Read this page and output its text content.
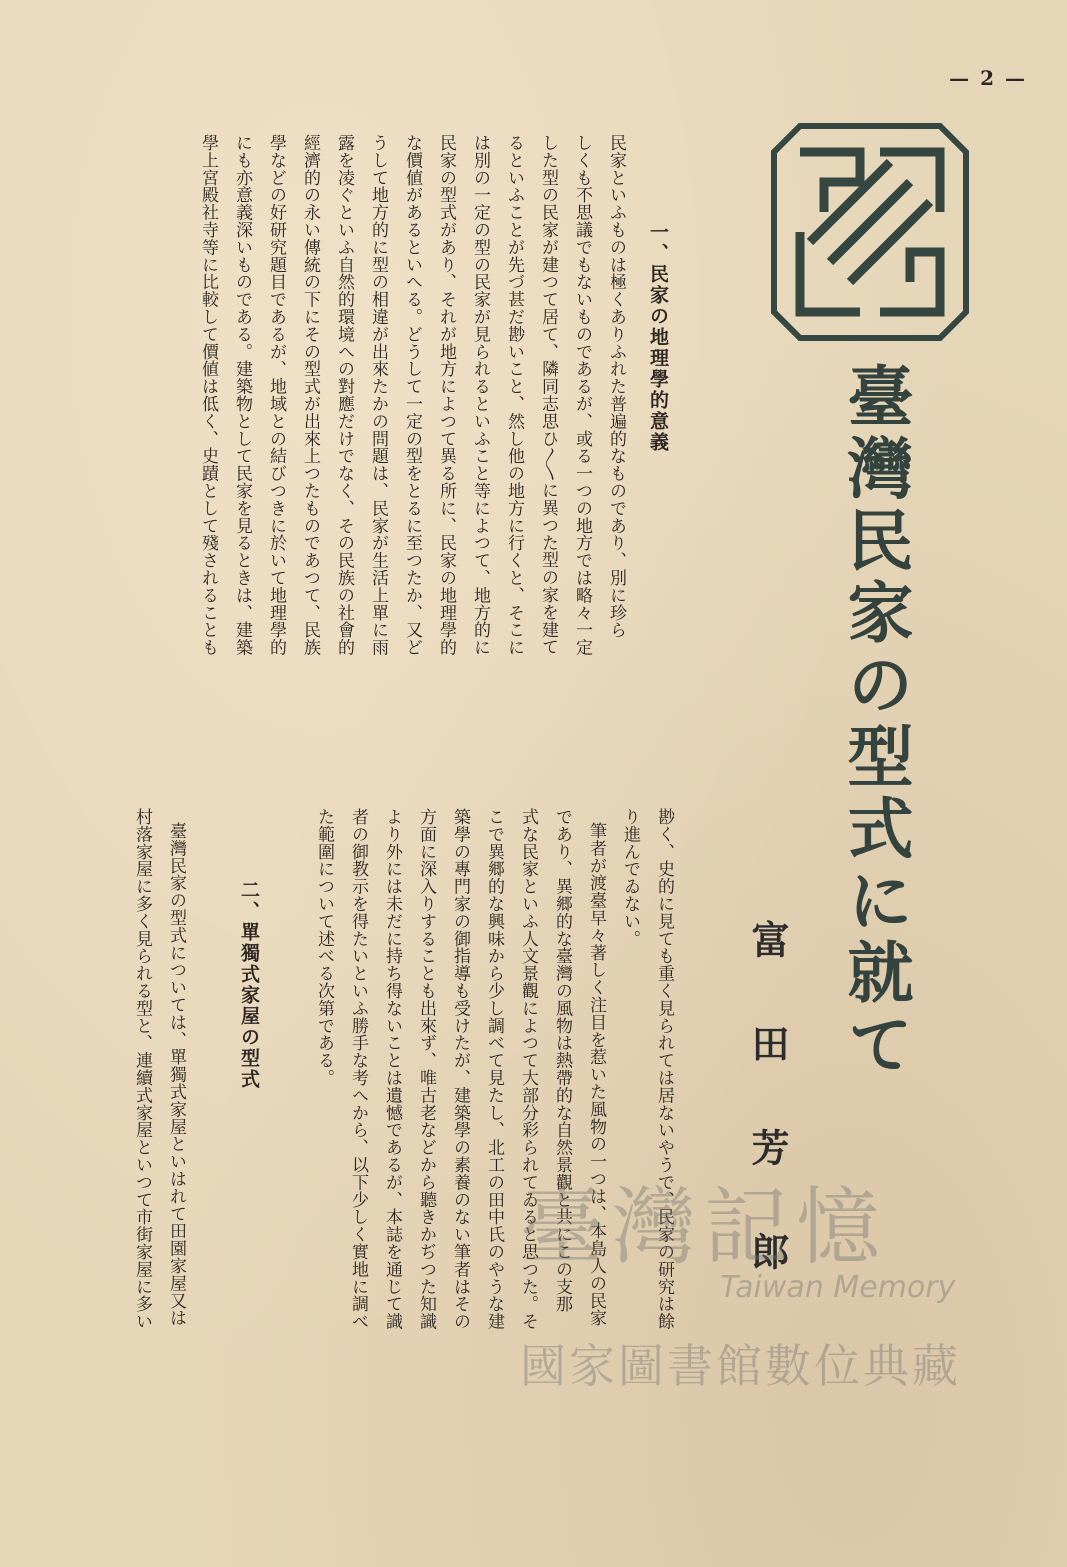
— 2 —
臺灣民家の型式に就て
富田芳郎
一、民家の地理學的意義
民家といふものは極くありふれた普遍的なものであり、別に珍ら
しくも不思議でもないものであるが、或る一つの地方では略々一定
した型の民家が建つて居て、隣同志思ひ〳〵に異つた型の家を建て
るといふことが先づ甚だ尠いこと、然し他の地方に行くと、そこに
は別の一定の型の民家が見られるといふこと等によつて、地方的に
民家の型式があり、それが地方によつて異る所に、民家の地理學的
な價値があるといへる。どうして一定の型をとるに至つたか、又ど
うして地方的に型の相違が出來たかの問題は、民家が生活上單に雨
露を凌ぐといふ自然的環境への對應だけでなく、その民族の社會的
經濟的の永い傳統の下にその型式が出來上つたものであつて、民族
學などの好研究題目であるが、地域との結びつきに於いて地理學的
にも亦意義深いものである。建築物として民家を見るときは、建築
學上宮殿社寺等に比較して價値は低く、史蹟として殘されることも
尠く、史的に見ても重く見られては居ないやうで、民家の研究は餘
り進んでゐない。
筆者が渡臺早々著しく注目を惹いた風物の一つは、本島人の民家
であり、異郷的な臺灣の風物は熱帶的な自然景觀と共にこの支那
式な民家といふ人文景觀によつて大部分彩られてゐると思つた。そ
こで異郷的な興味から少し調べて見たし、北工の田中氏のやうな建
築學の專門家の御指導も受けたが、建築學の素養のない筆者はその
方面に深入りすることも出來ず、唯古老などから聽きかぢつた知識
より外には未だに持ち得ないことは遺憾であるが、本誌を通じて識
者の御教示を得たいといふ勝手な考へから、以下少しく實地に調べ
た範圍について述べる次第である。
二、單獨式家屋の型式
臺灣民家の型式については、單獨式家屋といはれて田園家屋又は
村落家屋に多く見られる型と、連續式家屋といつて市街家屋に多い	臺灣記憶
Taiwan Memory
國家圖書館數位典藏
